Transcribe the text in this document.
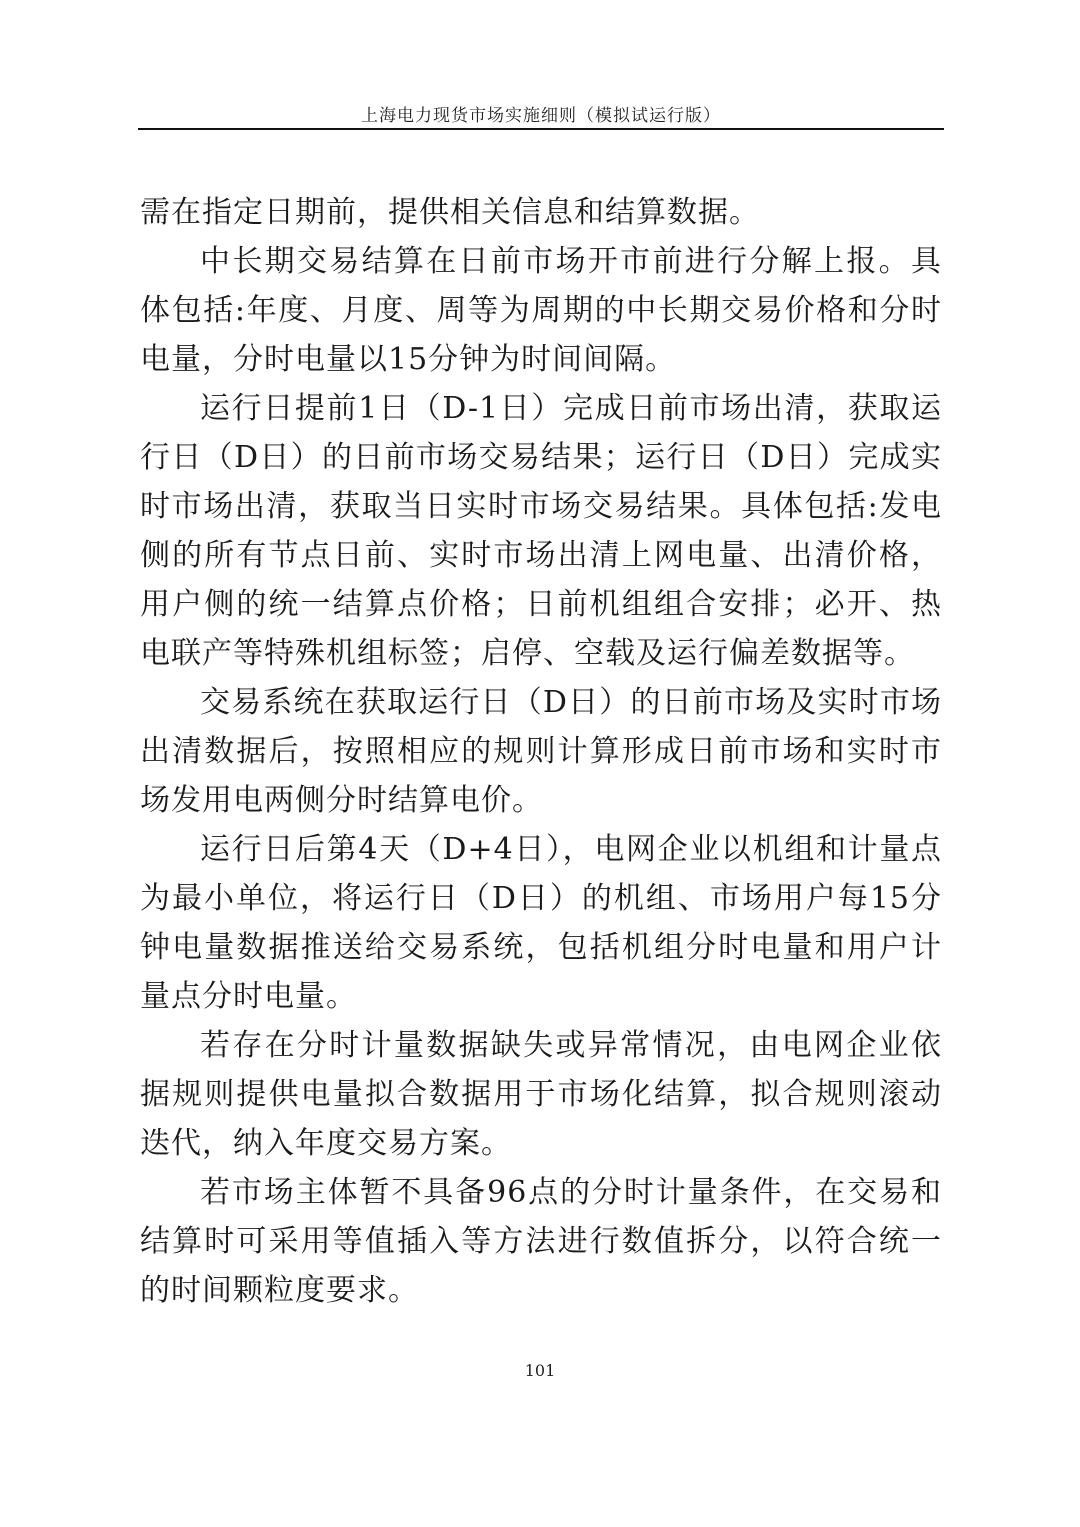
上海电力现货市场实施细则（模拟试运行版）

需在指定日期前，提供相关信息和结算数据。

中长期交易结算在日前市场开市前进行分解上报。具体包括:年度、月度、周等为周期的中长期交易价格和分时电量，分时电量以15分钟为时间间隔。

运行日提前1日（D-1日）完成日前市场出清，获取运行日（D日）的日前市场交易结果；运行日（D日）完成实时市场出清，获取当日实时市场交易结果。具体包括:发电侧的所有节点日前、实时市场出清上网电量、出清价格，用户侧的统一结算点价格；日前机组组合安排；必开、热电联产等特殊机组标签；启停、空载及运行偏差数据等。

交易系统在获取运行日（D日）的日前市场及实时市场出清数据后，按照相应的规则计算形成日前市场和实时市场发用电两侧分时结算电价。

运行日后第4天（D+4日），电网企业以机组和计量点为最小单位，将运行日（D日）的机组、市场用户每15分钟电量数据推送给交易系统，包括机组分时电量和用户计量点分时电量。

若存在分时计量数据缺失或异常情况，由电网企业依据规则提供电量拟合数据用于市场化结算，拟合规则滚动迭代，纳入年度交易方案。

若市场主体暂不具备96点的分时计量条件，在交易和结算时可采用等值插入等方法进行数值拆分，以符合统一的时间颗粒度要求。

101
